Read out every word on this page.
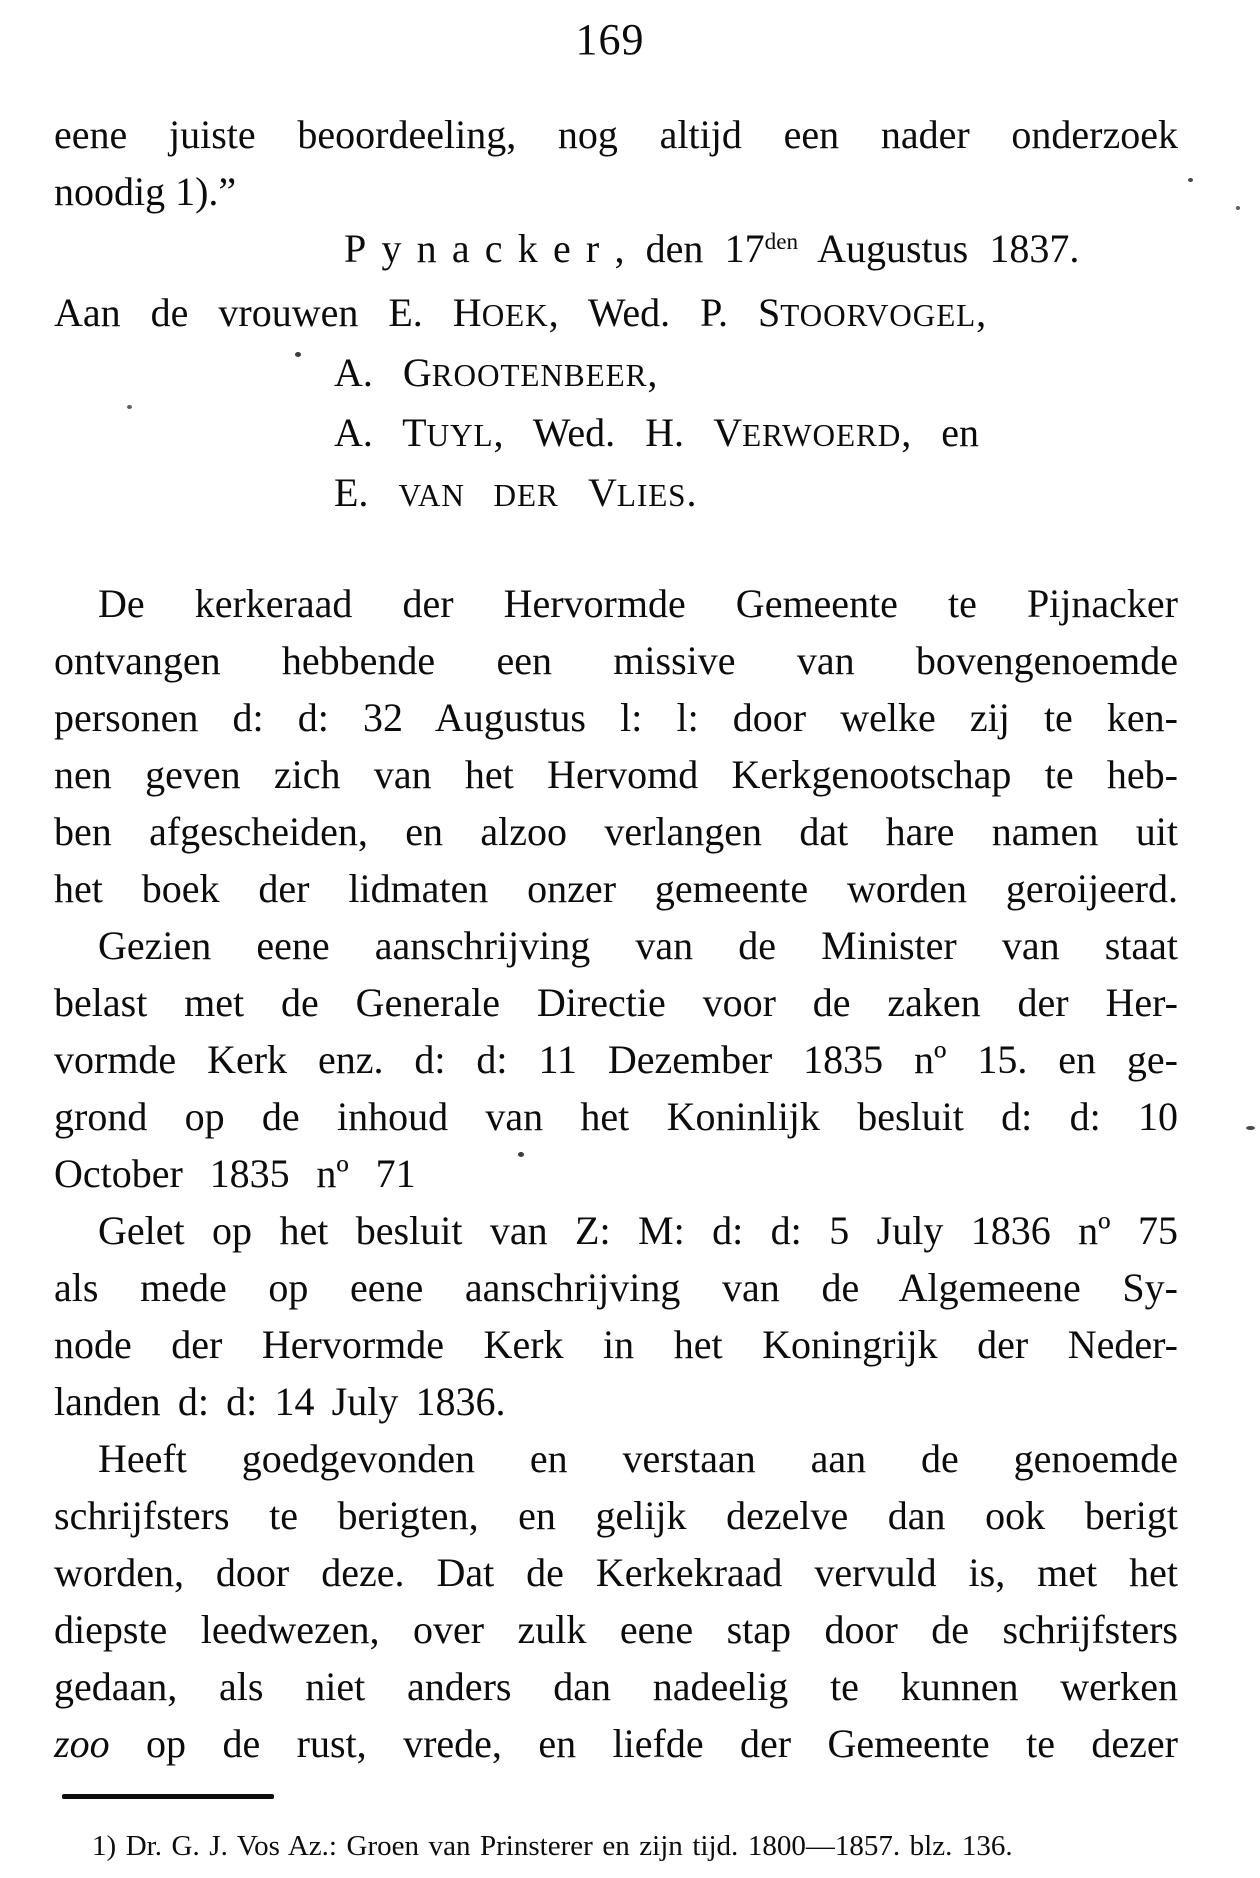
169
eene juiste beoordeeling, nog altijd een nader onderzoek
noodig 1).”
Pynacker, den $17^{den}$ Augustus 1837.
Aan de vrouwen E. HOEK, Wed. P. STOORVOGEL,
A. GROOTENBEER,
A. TUYL, Wed. H. VERWOERD, en
E. VAN DER VLIES.
De kerkeraad der Hervormde Gemeente te Pijnacker
ontvangen hebbende een missive van bovengenoemde
personen d: d: 32 Augustus l: l: door welke zij te ken-
nen geven zich van het Hervomd Kerkgenootschap te heb-
ben afgescheiden, en alzoo verlangen dat hare namen uit
het boek der lidmaten onzer gemeente worden geroijeerd.
Gezien eene aanschrijving van de Minister van staat
belast met de Generale Directie voor de zaken der Her-
vormde Kerk enz. d: d: 11 Dezember 1835 nº 15. en ge-
grond op de inhoud van het Koninlijk besluit d: d: 10
October 1835 nº 71
Gelet op het besluit van Z: M: d: d: 5 July 1836 nº 75
als mede op eene aanschrijving van de Algemeene Sy-
node der Hervormde Kerk in het Koningrijk der Neder-
landen d: d: 14 July 1836.
Heeft goedgevonden en verstaan aan de genoemde
schrijfsters te berigten, en gelijk dezelve dan ook berigt
worden, door deze. Dat de Kerkekraad vervuld is, met het
diepste leedwezen, over zulk eene stap door de schrijfsters
gedaan, als niet anders dan nadeelig te kunnen werken
zoo op de rust, vrede, en liefde der Gemeente te dezer
1) Dr. G. J. Vos Az.: Groen van Prinsterer en zijn tijd. 1800—1857. blz. 136.
